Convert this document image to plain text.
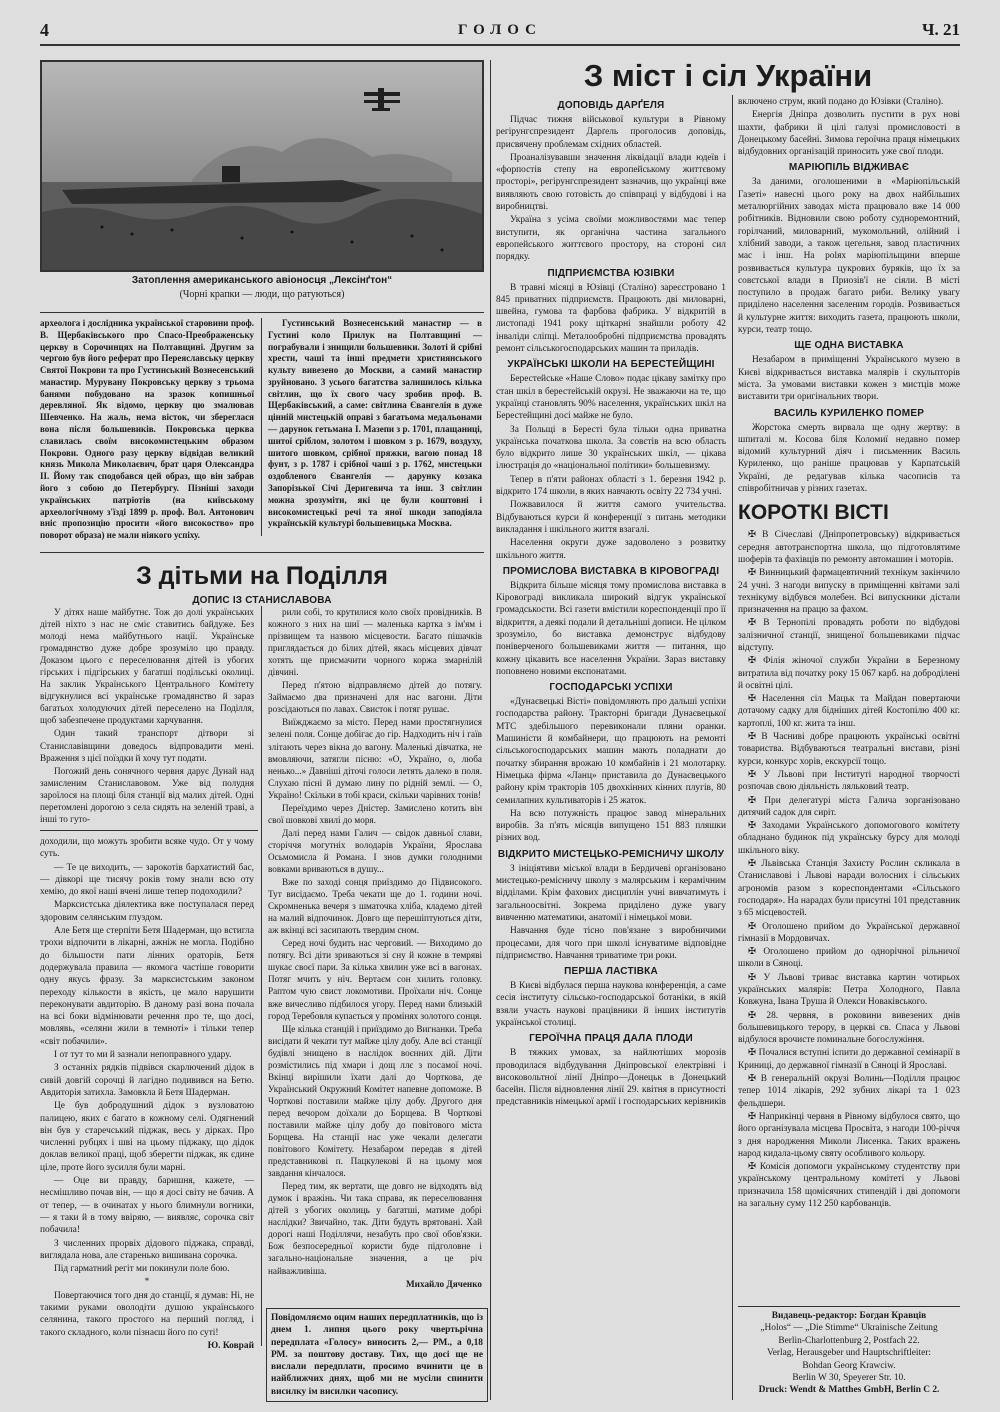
4	ГОЛОС	Ч. 21
Затоплення американського авіоносця „Лексінґтон“
(Чорні крапки — люди, що ратуються)

археолога і дослідника української старовини проф. В. Щербаківського про Спасо-Преображенську церкву в Сорочинцях на Полтавщині. Другим за чергою був його реферат про Переяславську церкву Святої Покрови та про Густинський Вознесенський манастир. Мурувану Покровську церкву з трьома банями побудовано на зразок копишньої деревляної. Як відомо, церкву цю змалював Шевченко. На жаль, нема вісток, чи збереглася вона після большевиків. Покровська церква славилась своїм високомистецьким образом Покрови. Одного разу церкву відвідав великий князь Микола Миколаєвич, брат царя Олександра II. Йому так сподобався цей образ, що він забрав його з собою до Петербургу. Пізніші заходи українських патріотів (на київському археологічному з'їзді 1899 р. проф. Вол. Антонович вніс пропозицію просити «його високоство» про поворот образа) не мали ніякого успіху.

Густинський Вознесенський манастир — в Густині коло Прилук на Полтавщині — пограбували і знищили большевики. Золоті й срібні хрести, чаші та інші предмети християнського культу вивезено до Москви, а самий манастир зруйновано. З усього багатства залишилось кілька світлин, що їх свого часу зробив проф. В. Щербаківський, а саме: світлина Євангелія в дуже цінній мистецькій оправі з багатьома медальонами — дарунок гетьмана І. Мазепи з р. 1701, плащаниці, шитої сріблом, золотом і шовком з р. 1679, воздуху, шитого шовком, срібної пряжки, вагою понад 18 фунт, з р. 1787 і срібної чаші з р. 1762, мистецьки оздобленого Євангелія — дарунку козака Запорізької Січі Деригевича та інш. З світлин можна зрозуміти, які це були коштовні і високомистецькі речі та яної шкоди заподіяла українській культурі большевицька Москва.

З дітьми на Поділля
ДОПИС ІЗ СТАНИСЛАВОВА

У дітях наше майбутнє. Тож до долі українських дітей ніхто з нас не сміє ставитись байдуже. Без молоді нема майбутнього нації. Українське громадянство дуже добре зрозуміло цю правду. Доказом цього є переселювання дітей із убогих гірських і підгірських у багатші подільські околиці. На заклик Українського Центрального Комітету відгукнулися всі українське громадянство й зараз багатьох холодуючих дітей переселено на Поділля, щоб забезпечене продуктами харчування.

Один такий транспорт дітвори зі Станиславівщини доведось відпровадити мені. Враження з цієї поїздки й хочу тут подати.

Погожий день сонячного червня дарує Дунай над замисленим Станиславовом. Уже від полудня зароїлося на площі біля станції від малих дітей. Одні перетомлені дорогою з села сидять на зеленій траві, а інші то гуто-

рили собі, то крутилися коло своїх провідників. В кожного з них на шиї — маленька картка з ім'ям і прізвищем та назвою місцевости. Багато пішачків приглядається до білих дітей, якась місцевих дівчат хотять ще присмачити чорного коржа змарнілій дівчині.

Перед п'ятою відправляємо дітей до потягу. Займаємо два призначені для нас вагони. Діти розсідаються по лавах. Свисток і потяг рушає.

Виїжджаємо за місто. Перед нами простягнулися зелені поля. Сонце добігає до гір. Надходить ніч і гаїв злітають через вікна до вагону. Маленькі дівчатка, не вмовляючи, затягли пісню: «О, Україно, о, люба ненько...» Давніші діточі голоси летять далеко в поля. Слухаю пісні й думаю лину по рідній землі. — О, Україно! Скільки в тобі краси, скільки чарівних тонів!

Переїздимо через Дністер. Замислено котить він свої шовкові хвилі до моря.

Далі перед нами Галич — свідок давньої слави, сторіччя могутніх володарів України, Ярослава Осьмомисла й Романа. І знов думки голодними вовками вриваються в душу...

Вже по заході сонця приїздимо до Підвисокого. Тут висідаємо. Треба чекати ще до 1. години ночі. Скромненька вечеря з шматочка хліба, кладемо дітей на малий відпочинок. Довго ще перешіптуються діти, аж вкінці всі засипають твердим сном.

Серед ночі будить нас черговий. — Виходимо до потягу. Всі діти зриваються зі сну й кожне в темряві шукає своєї пари. За кілька хвилин уже всі в вагонах. Потяг мчить у ніч. Вертаєм сон хилить головку. Раптом чую свист локомотиви. Проїхали ніч. Сонце вже вичесливо підбилося угору. Перед нами близькій город Теребовля купається у промінях золотого сонця.

Ще кілька станцій і приїздимо до Вигнанки. Треба висідати й чекати тут майже цілу добу. Але всі станції будівлі знищено в наслідок воєнних дій. Діти розмістились під хмари і дощ ллє з посамої ночі. Вкінці вирішили їхати далі до Чорткова, де Український Окружний Комітет напевне допоможе. В Чорткові поставили майже цілу добу. Другого дня перед вечором доїхали до Борщева. В Чорткові поставили майже цілу добу до повітового міста Борщева. На станції нас уже чекали делегати повітового Комітету. Незабаром передав я дітей представникові п. Пацкулекові й на цьому моя завдання кінчалося.

Перед тим, як вертати, ще довго не відходять від думок і вражінь. Чи така справа, як переселювання дітей з убогих околиць у багатші, матиме добрі наслідки? Звичайно, так. Діти будуть врятовані. Хай дорогі наші Поділлячи, незабуть про свої обов'язки. Бож безпосередньої користи буде підголовне і загально-національне значення, а це річ найважливіша.

Михайло Дяченко

доходили, що можуть зробити всяке чудо. От у чому суть.

— Те це виходить, — зарокотів бархатистий бас, — дівкорі ще тисячу років тому знали всю оту хемію, до якої наші вчені лише тепер подоходили?

Марксистська діялектика вже поступалася перед здоровим селянським глуздом.

Але Бетя ще стерпіти Бетя Шадерман, що встигла трохи відпочити в лікарні, ажніж не могла. Подібно до більшости пати лінних ораторів, Бетя додержувала правила — якомога частіше говорити одну якусь фразу. За марксистським законом переходу кількости в якість, це мало нарушити переконувати авдиторію. В даному разі вона почала на всі боки відмінювати речення про те, що досі, мовлявь, «селяни жили в темноті» і тільки тепер «світ побачили».

І от тут то ми й зазнали непоправного удару.

З останніх рядків підвівся скарлючений дідок в сивій довгій сорочці й лагідно подивився на Бетю. Авдиторія затихла. Замовкла й Бетя Шадерман.

Це був добродушний дідок з вузловатою палицею, яких є багато в кожному селі. Одягнений він був у старечський піджак, весь у дірках. Про численні рубцях і шві на цьому піджаку, що дідок доклав великої праці, щоб зберегти піджак, як єдине ціле, проте його зусилля були марні.

— Оце ви правду, баришня, кажете, — несмішливо почав він, — що я досі світу не бачив. А от тепер, — в очинатах у нього блимнули вогники, — я таки й в тому ввіряю, — виявляє, сорочка світ побачила!

З численних прорвіх дідового піджака, справді, виглядала нова, але старенько вишивана сорочка.

Під гарматний регіт ми покинули поле бою.

*

Повертаючися того дня до станції, я думав: Ні, не такими руками оволодіти душою українського селянина, такого простого на перший погляд, і такого складного, коли пізнаєш його по суті!

Ю. Коврай

Повідомляємо оцим наших передплатників, що із днем 1. липня цього року чвертьрічна передплата «Голосу» виносить 2,— РМ., а 0,18 РМ. за поштову доставу. Тих, що досі ще не вислали передплати, просимо вчинити це в найближчих днях, щоб ми не мусіли спинити висилку ім висилки часопису.

З міст і сіл України
ДОПОВІДЬ ДАРҐЕЛЯ

Підчас тижня військової культури в Рівному регірунгспрезидент Дарґель проголосив доповідь, присвячену проблемам східних областей.

Проаналізувавши значення ліквідації влади юдеїв і «форпостів степу на европейському життєвому просторі», регірунгспрезидент зазначив, що українці вже виявляють свою готовість до співпраці у відбудові і на виробництві.

Україна з усіма своїми можливостями має тепер виступити, як органічна частина загального европейського життєвого простору, на стороні сил порядку.

ПІДПРИЄМСТВА ЮЗІВКИ

В травні місяці в Юзівці (Сталіно) зареєстровано 1 845 приватних підприємств. Працюють дві миловарні, швейна, гумова та фарбова фабрика. У відкритій в листопаді 1941 року щіткарні знайшли роботу 42 інваліди сліпці. Металообробні підприємства провадять ремонт сільськогосподарських машин та приладів.

УКРАЇНСЬКІ ШКОЛИ НА БЕРЕСТЕЙЩИНІ

Берестейське «Наше Слово» подає цікаву замітку про стан шкіл в берестейській окрузі. Не зважаючи на те, що українці становлять 90% населення, українських шкіл на Берестейщині досі майже не було.

За Польщі в Бересті була тільки одна приватна українська початкова школа. За совєтів на всю область було відкрито лише 30 українських шкіл, — цікава ілюстрація до «національної політики» большевизму.

Тепер в п'яти районах області з 1. березня 1942 р. відкрито 174 школи, в яких навчають освіту 22 734 учні.

Пожвавилося й життя самого учительства. Відбуваються курси й конференції з питань методики викладання і шкільного життя взагалі.

Населення округи дуже задоволено з розвитку шкільного життя.

ПРОМИСЛОВА ВИСТАВКА В КІРОВОГРАДІ

Відкрита більше місяця тому промислова виставка в Кіровограді викликала широкий відгук української громадськости. Всі газети вмістили кореспонденції про її відкриття, а деякі подали й детальніші дописи. Не цілком зрозуміло, бо виставка демонструє відбудову поніверченого большевиками життя — питання, що кожну цікавить все населення України. Зараз виставку поповнено новими експонатами.

ГОСПОДАРСЬКІ УСПІХИ

«Дунаєвецькі Вісті» повідомляють про дальші успіхи господарства району. Тракторні бригади Дунаєвецької МТС здебільшого перевиконали пляни оранки. Машиністи й комбайнери, що працюють на ремонті сільськогосподарських машин мають поладнати до початку збирання врожаю 10 комбайнів і 21 молотарку. Німецька фірма «Ланц» приставила до Дунаєвецького району крім тракторів 105 двохкінних кінних плугів, 80 семилапних культиваторів і 25 жаток.

На всю потужність працює завод мінеральних виробів. За п'ять місяців випущено 151 883 пляшки різних вод.

ВІДКРИТО МИСТЕЦЬКО-РЕМІСНИЧУ ШКОЛУ

З ініціятиви міської влади в Бердичеві організовано мистецько-ремісничу школу з малярським і керамічним відділами. Крім фахових дисциплін учні вивчатимуть і загальноосвітні. Зокрема приділено дуже увагу вивченню математики, анатомії і німецької мови.

Навчання буде тісно пов'язане з виробничими процесами, для чого при школі існуватиме відповідне підприємство. Навчання триватиме три роки.

ПЕРША ЛАСТІВКА

В Києві відбулася перша наукова конференція, а саме сесія інституту сільсько-господарської ботаніки, в якій взяли участь наукові працівники й інших інститутів української столиці.

ГЕРОЇЧНА ПРАЦЯ ДАЛА ПЛОДИ

В тяжких умовах, за найлютіших морозів проводилася відбудування Дніпровської електрівні і високовольтної лінії Дніпро—Донецьк в Донецький басейн. Після відновлення лінії 29. квітня в присутності представників німецької армії і господарських керівників

включено струм, який подано до Юзівки (Сталіно).

Енергія Дніпра дозволить пустити в рух нові шахти, фабрики й цілі галузі промисловості в Донецькому басейні. Зимова героїчна праця німецьких відбудовних організацій приносить уже свої плоди.

МАРІЮПІЛЬ ВІДЖИВАЄ

За даними, оголошеними в «Маріюпільській Газеті» навесні цього року на двох найбільших металюргійних заводах міста працювало вже 14 000 робітників. Відновили свою роботу судноремонтний, горілчаний, миловарний, мукомольний, олійний і хлібний заводи, а також цегельня, завод пластичних мас і інш. На polях маріюпільщини вперше розвивається культура цукрових буряків, що їх за совєтської влади в Приозів'ї не сіяли. В місті поступило в продаж багато риби. Велику увагу приділено населення заселеним городів. Розвивається й культурне життя: виходить газета, працюють школи, курси, театр тощо.

ЩЕ ОДНА ВИСТАВКА

Незабаром в приміщенні Українського музею в Києві відкривається виставка малярів і скульпторів міста. За умовами виставки кожен з мистців може виставити три оригінальних твори.

ВАСИЛЬ КУРИЛЕНКО ПОМЕР

Жорстока смерть вирвала ще одну жертву: в шпиталі м. Косова біля Коломиї недавно помер відомий культурний діяч і письменник Василь Куриленко, що раніше працював у Карпатській Україні, де редагував кілька часописів та співробітничав у різних газетах.

КОРОТКІ ВІСТІ

✠ В Січеславі (Дніпропетровську) відкривається середня автотранспортна школа, що підготовлятиме шоферів та фахівців по ремонту автомашин і моторів.

✠ Винницький фармацевтичний технікум закінчило 24 учні. З нагоди випуску в приміщенні квітами залі технікуму відбувся молебен. Всі випускники дістали призначення на працю за фахом.

✠ В Тернопілі провадять роботи по відбудові залізничної станції, знищеної большевиками підчас відступу.

✠ Філія жіночої служби України в Березному витратила від початку року 15 067 карб. на доброділені й освітні цілі.

✠ Населення сіл Мацьк та Майдан повертаючи дотачому садку для бідніших дітей Костопілю 400 кг. картоплі, 100 кг. жита та інш.

✠ В Часниві добре працюють українські освітні товариства. Відбуваються театральні вистави, різні курси, конкурс хорів, екскурсії тощо.

✠ У Львові при Інститутi народної творчості розпочав свою діяльність ляльковий театр.

✠ При делегатурі міста Галича зорганізовано дитячий садок для сиріт.

✠ Заходами Українського допомогового комітету обладнано будинок під українську бурсу для молоді шкільного віку.

✠ Львівська Станція Захисту Рослин скликала в Станиславові і Львові наради волосних і сільських агрономів разом з кореспондентами «Сільського господаря». На нарадах були присутні 101 представник з 65 місцевостей.

✠ Оголошено прийом до Української державної гімназії в Мордовичах.

✠ Оголошено прийом до однорічної рільничої школи в Сяноці.

✠ У Львові триває виставка картин чотирьох українських малярів: Петра Холодного, Павла Ковжуна, Івана Труша й Олекси Новаківського.

✠ 28. червня, в роковини вивезених днів большевицького терору, в церкві св. Спаса у Львові відбулося врочисте поминальне богослужіння.

✠ Почалися вступні іспити до державної семінарії в Криниці, до державної гімназії в Сяноці й Ярославі.

✠ В генеральній окрузі Волинь—Поділля працює тепер 1014 лікарів, 292 зубних лікарі та 1 023 фельдшери.

✠ Наприкінці червня в Рівному відбулося свято, що його організувала місцева Просвіта, з нагоди 100-річчя з дня народження Миколи Лисенка. Таких вражень народ кидала-цьому святу особливого кольору.

✠ Комісія допомоги українському студентству при українському центральному комітеті у Львові призначила 158 щомісячних стипендій і дві допомоги на загальну суму 112 250 карбованців.

Видавець-редактор: Богдан Кравців

„Holos“ — „Die Stimme“ Ukrainische Zeitung

Berlin-Charlottenburg 2, Postfach 22.

Verlag, Herausgeber und Hauptschriftleiter:

Bohdan Georg Krawciw.

Berlin W 30, Speyerer Str. 10.

Druck: Wendt & Matthes GmbH, Berlin C 2.
